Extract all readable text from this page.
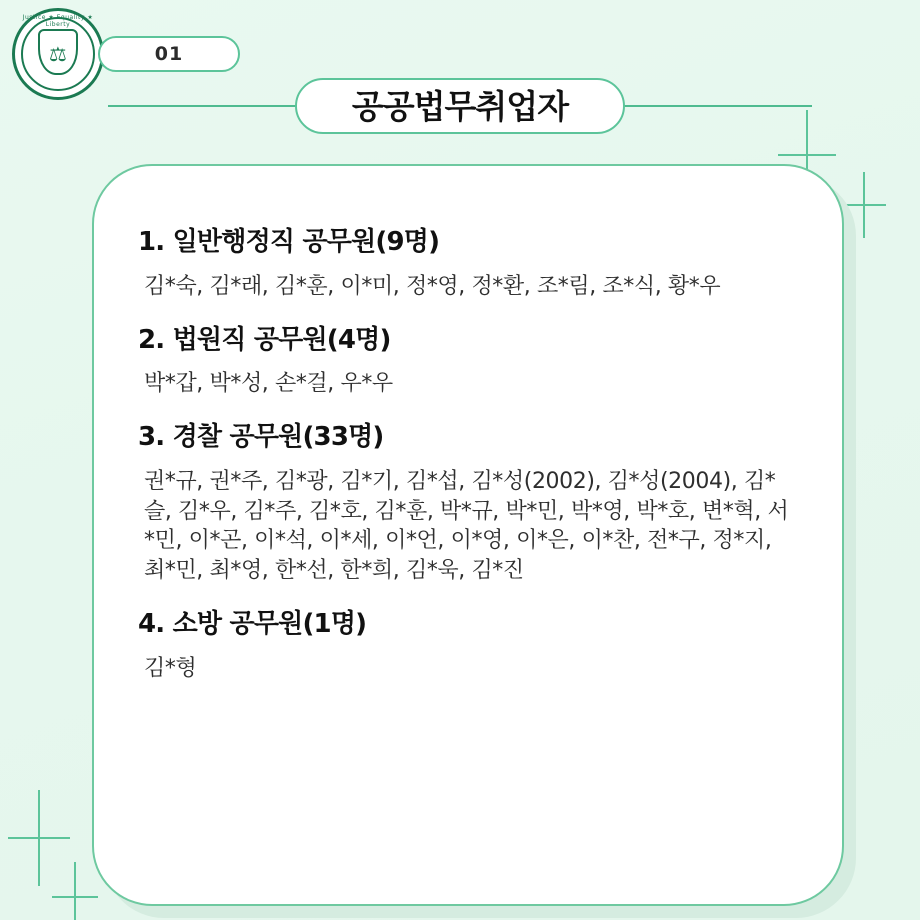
Justice ★ Equality ★ Liberty
⚖	01
공공법무취업자
1. 일반행정직 공무원(9명)
김*숙, 김*래, 김*훈, 이*미, 정*영, 정*환, 조*림, 조*식, 황*우
2. 법원직 공무원(4명)
박*갑, 박*성, 손*걸, 우*우
3. 경찰 공무원(33명)
권*규, 권*주, 김*광, 김*기, 김*섭, 김*성(2002), 김*성(2004), 김*슬, 김*우, 김*주, 김*호, 김*훈, 박*규, 박*민, 박*영, 박*호, 변*혁, 서*민, 이*곤, 이*석, 이*세, 이*언, 이*영, 이*은, 이*찬, 전*구, 정*지, 최*민, 최*영, 한*선, 한*희, 김*욱, 김*진
4. 소방 공무원(1명)
김*형
